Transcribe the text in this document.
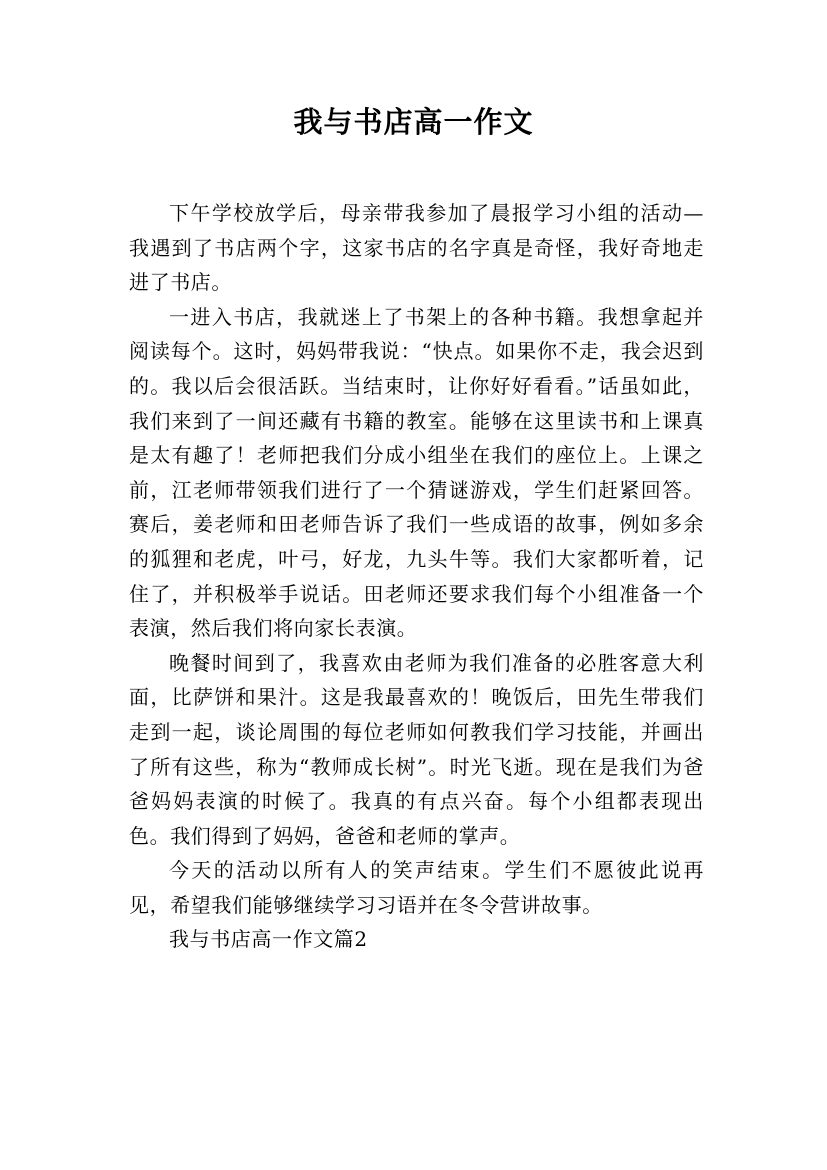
我与书店高一作文

下午学校放学后，母亲带我参加了晨报学习小组的活动—我遇到了书店两个字，这家书店的名字真是奇怪，我好奇地走进了书店。

一进入书店，我就迷上了书架上的各种书籍。我想拿起并阅读每个。这时，妈妈带我说：“快点。如果你不走，我会迟到的。我以后会很活跃。当结束时，让你好好看看。”话虽如此，我们来到了一间还藏有书籍的教室。能够在这里读书和上课真是太有趣了！老师把我们分成小组坐在我们的座位上。上课之前，江老师带领我们进行了一个猜谜游戏，学生们赶紧回答。赛后，姜老师和田老师告诉了我们一些成语的故事，例如多余的狐狸和老虎，叶弓，好龙，九头牛等。我们大家都听着，记住了，并积极举手说话。田老师还要求我们每个小组准备一个表演，然后我们将向家长表演。

晚餐时间到了，我喜欢由老师为我们准备的必胜客意大利面，比萨饼和果汁。这是我最喜欢的！晚饭后，田先生带我们走到一起，谈论周围的每位老师如何教我们学习技能，并画出了所有这些，称为“教师成长树”。时光飞逝。现在是我们为爸爸妈妈表演的时候了。我真的有点兴奋。每个小组都表现出色。我们得到了妈妈，爸爸和老师的掌声。

今天的活动以所有人的笑声结束。学生们不愿彼此说再见，希望我们能够继续学习习语并在冬令营讲故事。

我与书店高一作文篇2
